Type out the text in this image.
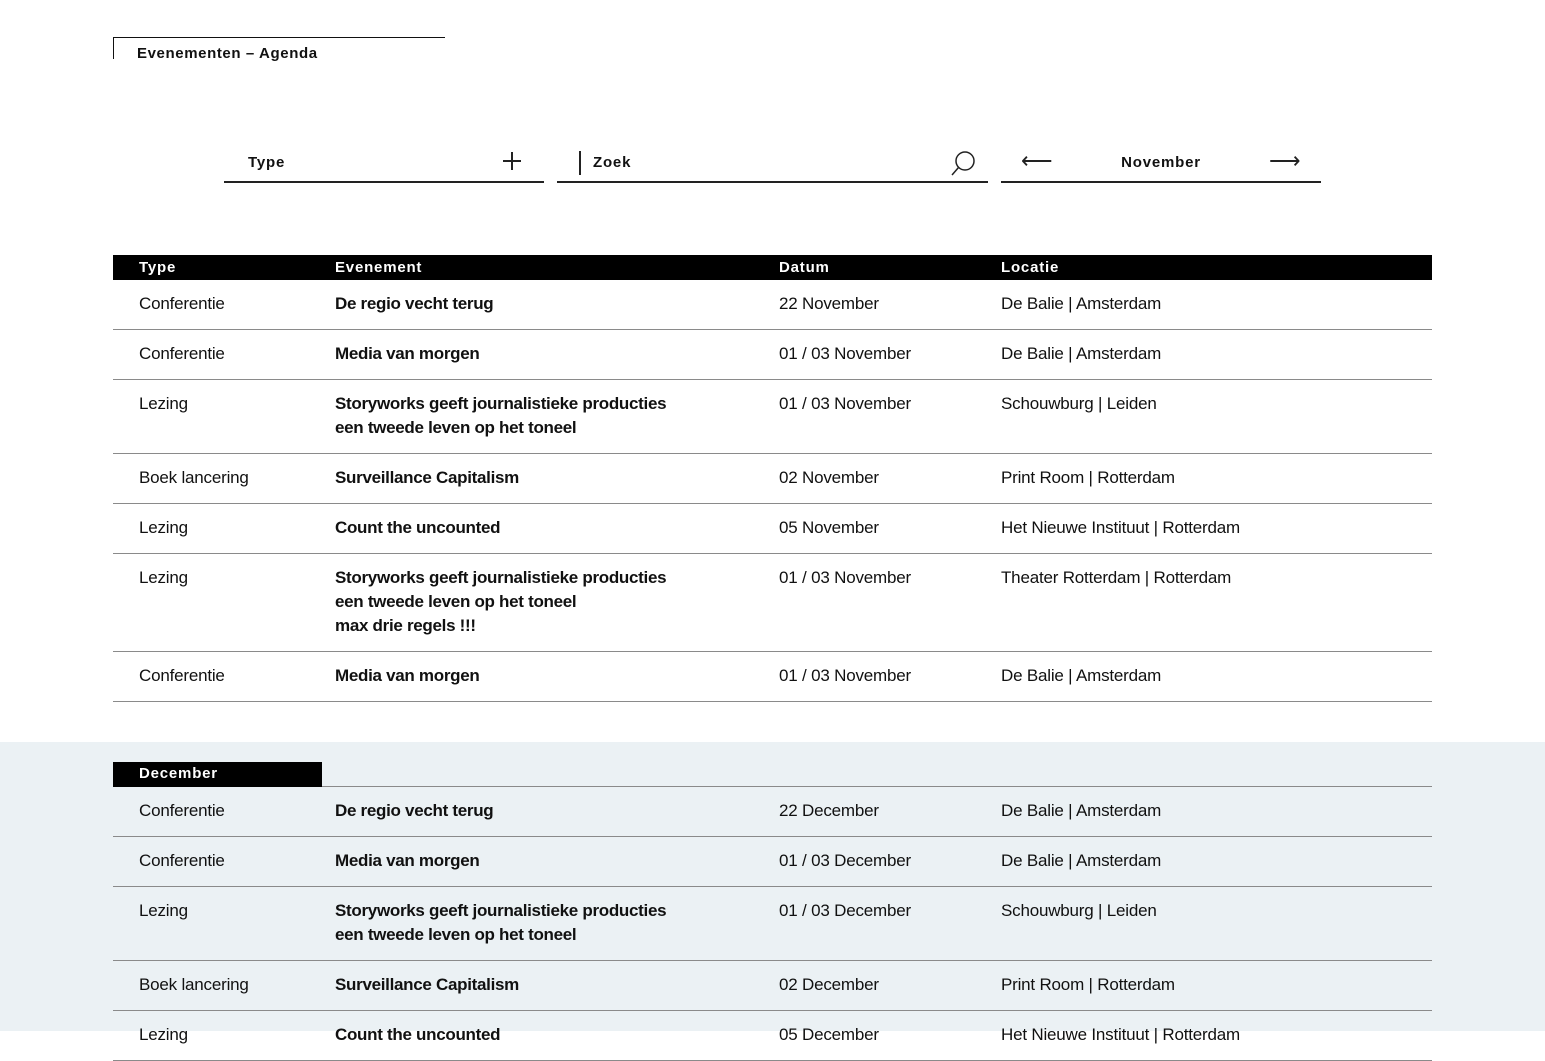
Evenementen – Agenda
Type
Zoek	⟵	November	⟶
Type	Evenement	Datum	Locatie
Conferentie	De regio vecht terug	22 November	De Balie | Amsterdam
Conferentie	Media van morgen	01 / 03 November	De Balie | Amsterdam
Lezing	Storyworks geeft journalistieke producties
een tweede leven op het toneel	01 / 03 November	Schouwburg | Leiden
Boek lancering	Surveillance Capitalism	02 November	Print Room | Rotterdam
Lezing	Count the uncounted	05 November	Het Nieuwe Instituut | Rotterdam
Lezing	Storyworks geeft journalistieke producties
een tweede leven op het toneel
max drie regels !!!	01 / 03 November	Theater Rotterdam | Rotterdam
Conferentie	Media van morgen	01 / 03 November	De Balie | Amsterdam
December
Conferentie	De regio vecht terug	22 December	De Balie | Amsterdam
Conferentie	Media van morgen	01 / 03 December	De Balie | Amsterdam
Lezing	Storyworks geeft journalistieke producties
een tweede leven op het toneel	01 / 03 December	Schouwburg | Leiden
Boek lancering	Surveillance Capitalism	02 December	Print Room | Rotterdam
Lezing	Count the uncounted	05 December	Het Nieuwe Instituut | Rotterdam
